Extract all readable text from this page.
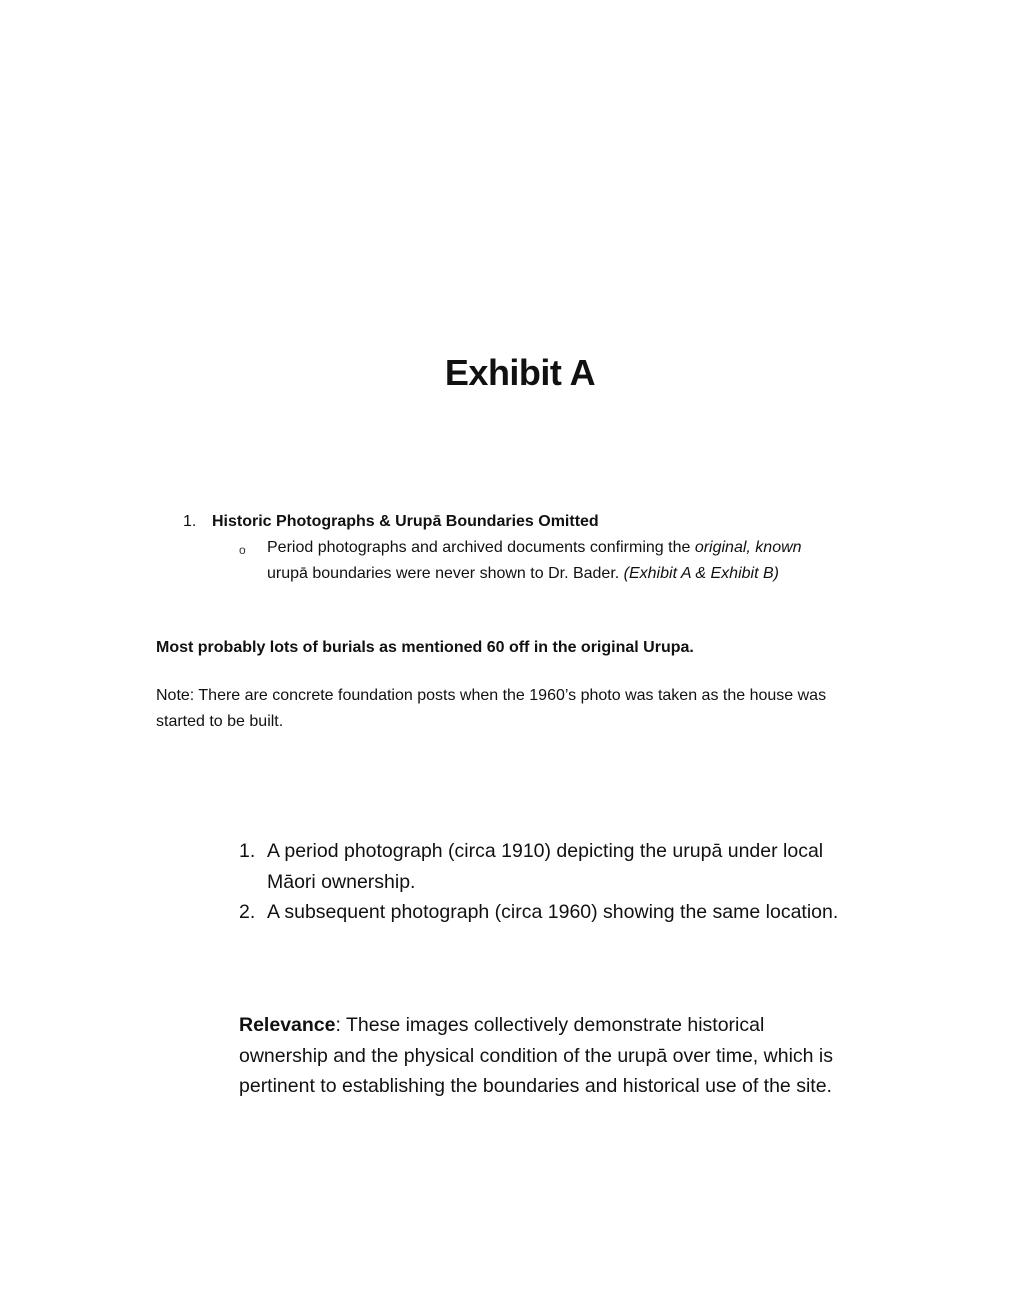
Exhibit A
1. Historic Photographs & Urupā Boundaries Omitted
o Period photographs and archived documents confirming the original, known urupā boundaries were never shown to Dr. Bader. (Exhibit A & Exhibit B)
Most probably lots of burials as mentioned 60 off in the original Urupa.
Note: There are concrete foundation posts when the 1960’s photo was taken as the house was started to be built.
1. A period photograph (circa 1910) depicting the urupā under local Māori ownership.
2. A subsequent photograph (circa 1960) showing the same location.
Relevance: These images collectively demonstrate historical ownership and the physical condition of the urupā over time, which is pertinent to establishing the boundaries and historical use of the site.
